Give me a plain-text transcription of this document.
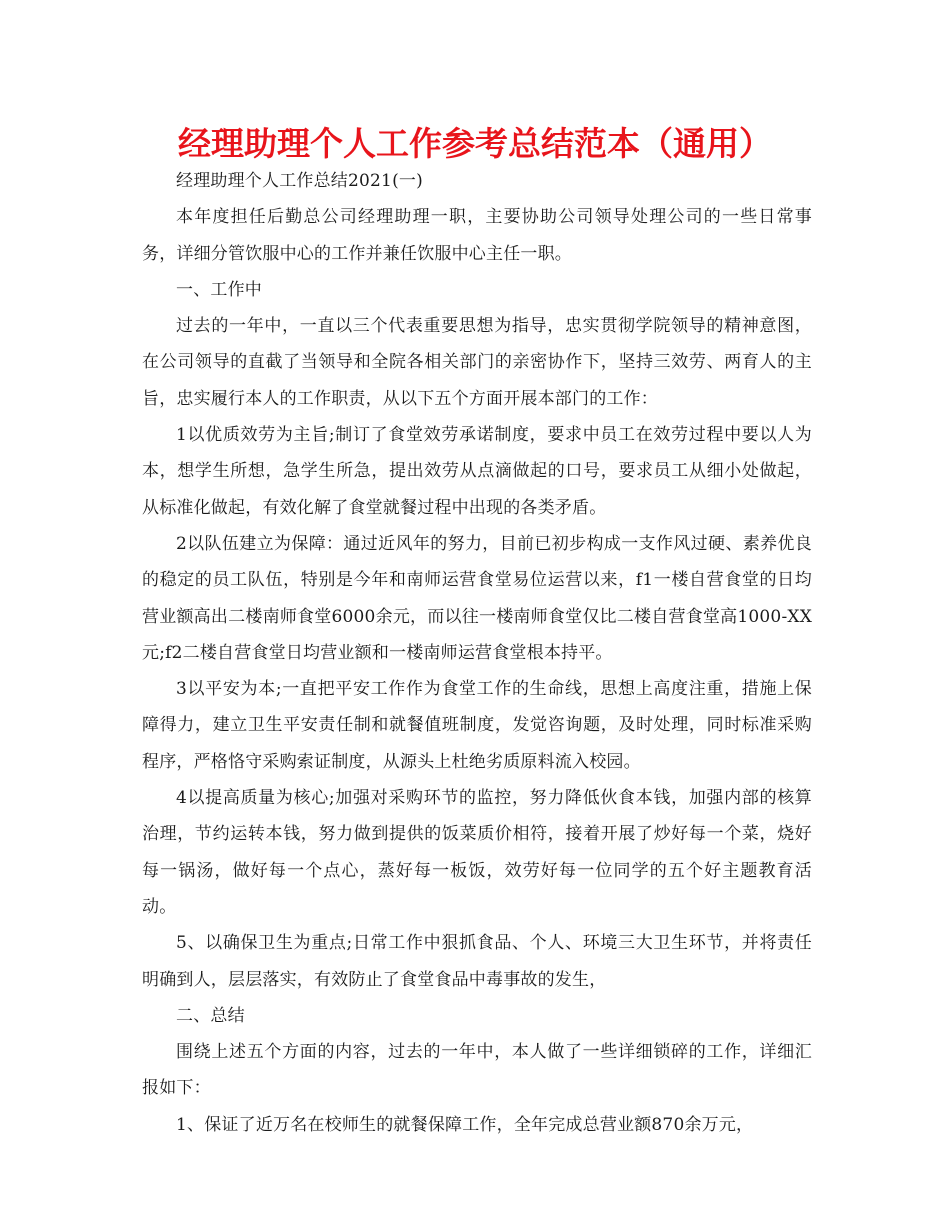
经理助理个人工作参考总结范本（通用）

经理助理个人工作总结2021(一)

本年度担任后勤总公司经理助理一职，主要协助公司领导处理公司的一些日常事务，详细分管饮服中心的工作并兼任饮服中心主任一职。

一、工作中

过去的一年中，一直以三个代表重要思想为指导，忠实贯彻学院领导的精神意图，在公司领导的直截了当领导和全院各相关部门的亲密协作下，坚持三效劳、两育人的主旨，忠实履行本人的工作职责，从以下五个方面开展本部门的工作：

1以优质效劳为主旨;制订了食堂效劳承诺制度，要求中员工在效劳过程中要以人为本，想学生所想，急学生所急，提出效劳从点滴做起的口号，要求员工从细小处做起，从标准化做起，有效化解了食堂就餐过程中出现的各类矛盾。

2以队伍建立为保障：通过近风年的努力，目前已初步构成一支作风过硬、素养优良的稳定的员工队伍，特别是今年和南师运营食堂易位运营以来，f1一楼自营食堂的日均营业额高出二楼南师食堂6000余元，而以往一楼南师食堂仅比二楼自营食堂高1000-XX元;f2二楼自营食堂日均营业额和一楼南师运营食堂根本持平。

3以平安为本;一直把平安工作作为食堂工作的生命线，思想上高度注重，措施上保障得力，建立卫生平安责任制和就餐值班制度，发觉咨询题，及时处理，同时标准采购程序，严格恪守采购索证制度，从源头上杜绝劣质原料流入校园。

4以提高质量为核心;加强对采购环节的监控，努力降低伙食本钱，加强内部的核算治理，节约运转本钱，努力做到提供的饭菜质价相符，接着开展了炒好每一个菜，烧好每一锅汤，做好每一个点心，蒸好每一板饭，效劳好每一位同学的五个好主题教育活动。

5、以确保卫生为重点;日常工作中狠抓食品、个人、环境三大卫生环节，并将责任明确到人，层层落实，有效防止了食堂食品中毒事故的发生，

二、总结

围绕上述五个方面的内容，过去的一年中，本人做了一些详细锁碎的工作，详细汇报如下：

1、保证了近万名在校师生的就餐保障工作，全年完成总营业额870余万元，
